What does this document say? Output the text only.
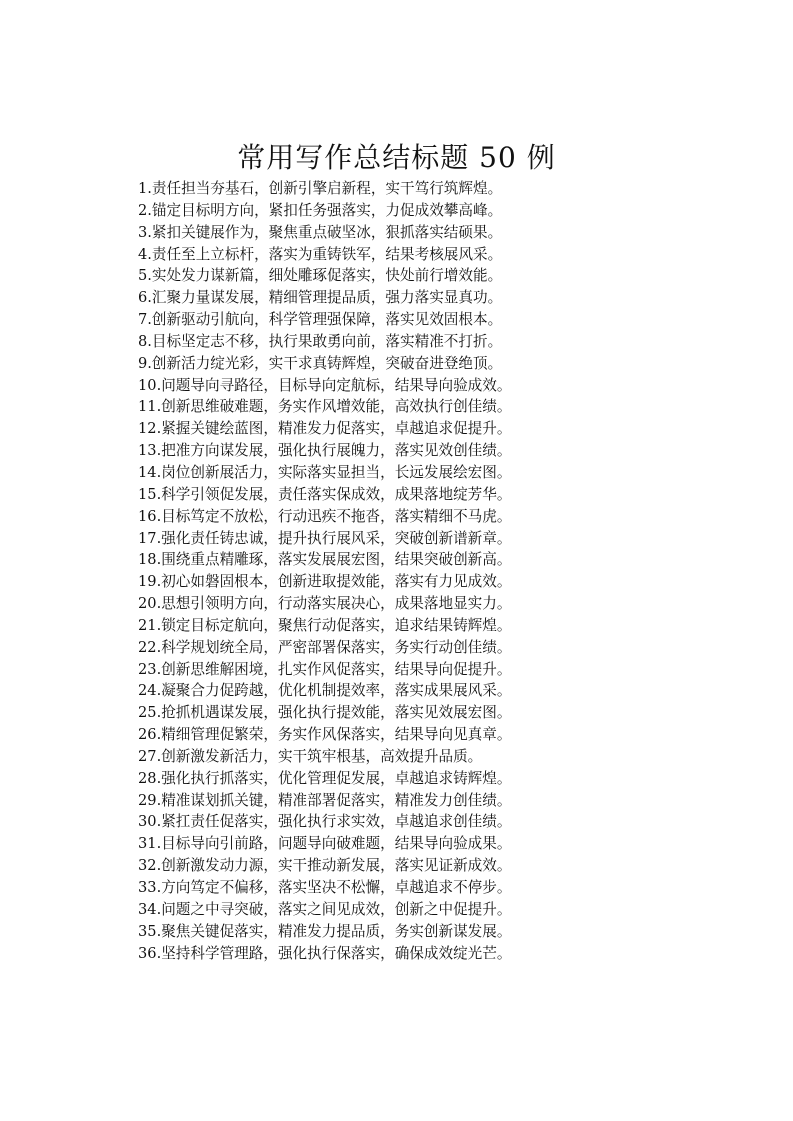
常用写作总结标题 50 例
1.责任担当夯基石，创新引擎启新程，实干笃行筑辉煌。
2.锚定目标明方向，紧扣任务强落实，力促成效攀高峰。
3.紧扣关键展作为，聚焦重点破坚冰，狠抓落实结硕果。
4.责任至上立标杆，落实为重铸铁军，结果考核展风采。
5.实处发力谋新篇，细处雕琢促落实，快处前行增效能。
6.汇聚力量谋发展，精细管理提品质，强力落实显真功。
7.创新驱动引航向，科学管理强保障，落实见效固根本。
8.目标坚定志不移，执行果敢勇向前，落实精准不打折。
9.创新活力绽光彩，实干求真铸辉煌，突破奋进登绝顶。
10.问题导向寻路径，目标导向定航标，结果导向验成效。
11.创新思维破难题，务实作风增效能，高效执行创佳绩。
12.紧握关键绘蓝图，精准发力促落实，卓越追求促提升。
13.把准方向谋发展，强化执行展魄力，落实见效创佳绩。
14.岗位创新展活力，实际落实显担当，长远发展绘宏图。
15.科学引领促发展，责任落实保成效，成果落地绽芳华。
16.目标笃定不放松，行动迅疾不拖沓，落实精细不马虎。
17.强化责任铸忠诚，提升执行展风采，突破创新谱新章。
18.围绕重点精雕琢，落实发展展宏图，结果突破创新高。
19.初心如磐固根本，创新进取提效能，落实有力见成效。
20.思想引领明方向，行动落实展决心，成果落地显实力。
21.锁定目标定航向，聚焦行动促落实，追求结果铸辉煌。
22.科学规划统全局，严密部署保落实，务实行动创佳绩。
23.创新思维解困境，扎实作风促落实，结果导向促提升。
24.凝聚合力促跨越，优化机制提效率，落实成果展风采。
25.抢抓机遇谋发展，强化执行提效能，落实见效展宏图。
26.精细管理促繁荣，务实作风保落实，结果导向见真章。
27.创新激发新活力，实干筑牢根基，高效提升品质。
28.强化执行抓落实，优化管理促发展，卓越追求铸辉煌。
29.精准谋划抓关键，精准部署促落实，精准发力创佳绩。
30.紧扛责任促落实，强化执行求实效，卓越追求创佳绩。
31.目标导向引前路，问题导向破难题，结果导向验成果。
32.创新激发动力源，实干推动新发展，落实见证新成效。
33.方向笃定不偏移，落实坚决不松懈，卓越追求不停步。
34.问题之中寻突破，落实之间见成效，创新之中促提升。
35.聚焦关键促落实，精准发力提品质，务实创新谋发展。
36.坚持科学管理路，强化执行保落实，确保成效绽光芒。
